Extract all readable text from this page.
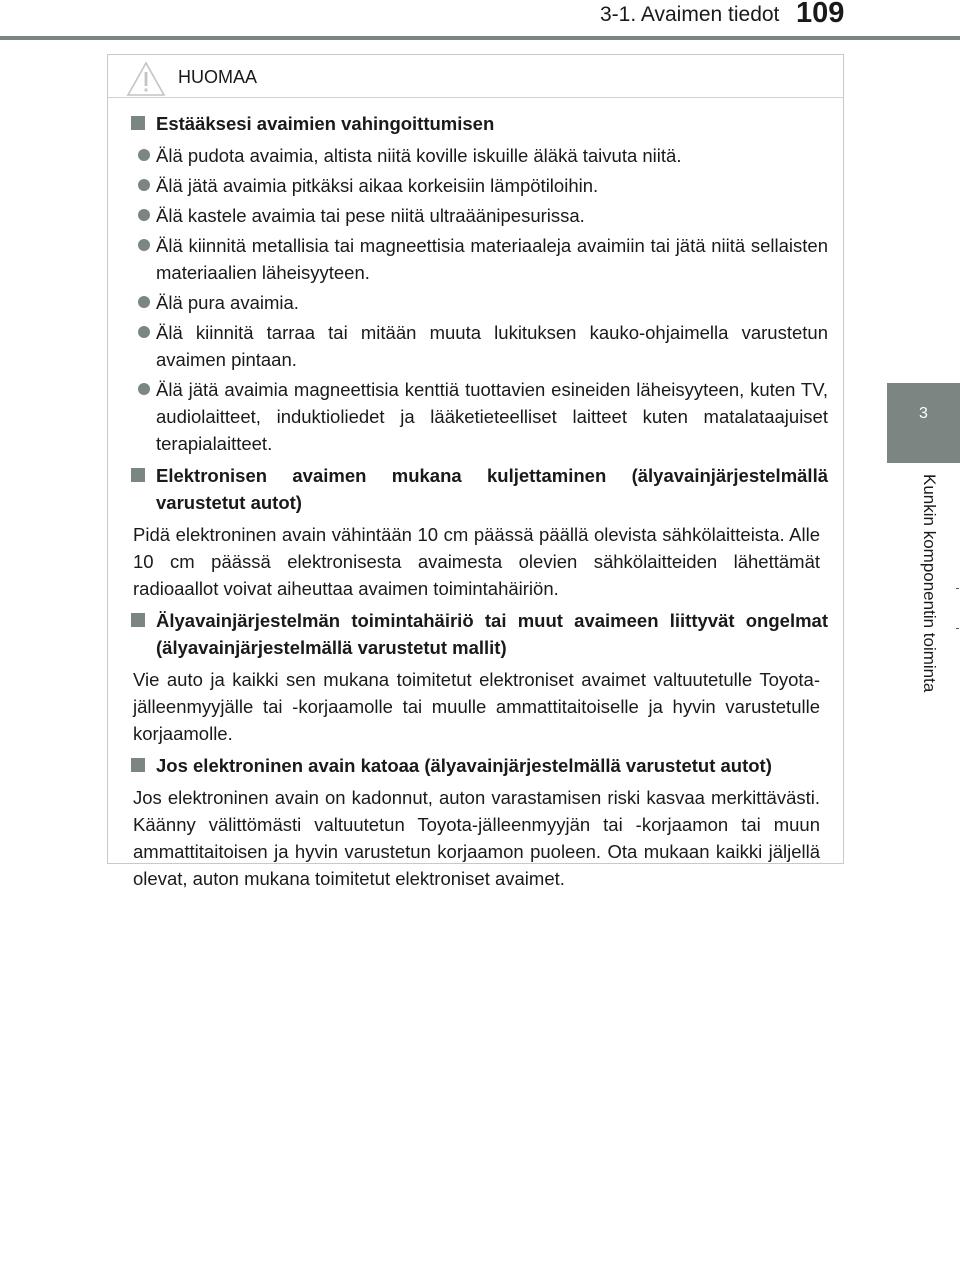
3-1. Avaimen tiedot 109
3
Kunkin komponentin toiminta
HUOMAA
Estääksesi avaimien vahingoittumisen
Älä pudota avaimia, altista niitä koville iskuille äläkä taivuta niitä.
Älä jätä avaimia pitkäksi aikaa korkeisiin lämpötiloihin.
Älä kastele avaimia tai pese niitä ultraäänipesurissa.
Älä kiinnitä metallisia tai magneettisia materiaaleja avaimiin tai jätä niitä sellaisten materiaalien läheisyyteen.
Älä pura avaimia.
Älä kiinnitä tarraa tai mitään muuta lukituksen kauko-ohjaimella varustetun avaimen pintaan.
Älä jätä avaimia magneettisia kenttiä tuottavien esineiden läheisyyteen, kuten TV, audiolaitteet, induktioliedet ja lääketieteelliset laitteet kuten matalataajuiset terapialaitteet.
Elektronisen avaimen mukana kuljettaminen (älyavainjärjestelmällä varustetut autot)
Pidä elektroninen avain vähintään 10 cm päässä päällä olevista sähkölaitteista. Alle 10 cm päässä elektronisesta avaimesta olevien sähkölaitteiden lähettämät radioaallot voivat aiheuttaa avaimen toimintahäiriön.
Älyavainjärjestelmän toimintahäiriö tai muut avaimeen liittyvät ongelmat (älyavainjärjestelmällä varustetut mallit)
Vie auto ja kaikki sen mukana toimitetut elektroniset avaimet valtuutetulle Toyota-jälleenmyyjälle tai -korjaamolle tai muulle ammattitaitoiselle ja hyvin varustetulle korjaamolle.
Jos elektroninen avain katoaa (älyavainjärjestelmällä varustetut autot)
Jos elektroninen avain on kadonnut, auton varastamisen riski kasvaa merkittävästi. Käänny välittömästi valtuutetun Toyota-jälleenmyyjän tai -korjaamon tai muun ammattitaitoisen ja hyvin varustetun korjaamon puoleen. Ota mukaan kaikki jäljellä olevat, auton mukana toimitetut elektroniset avaimet.
